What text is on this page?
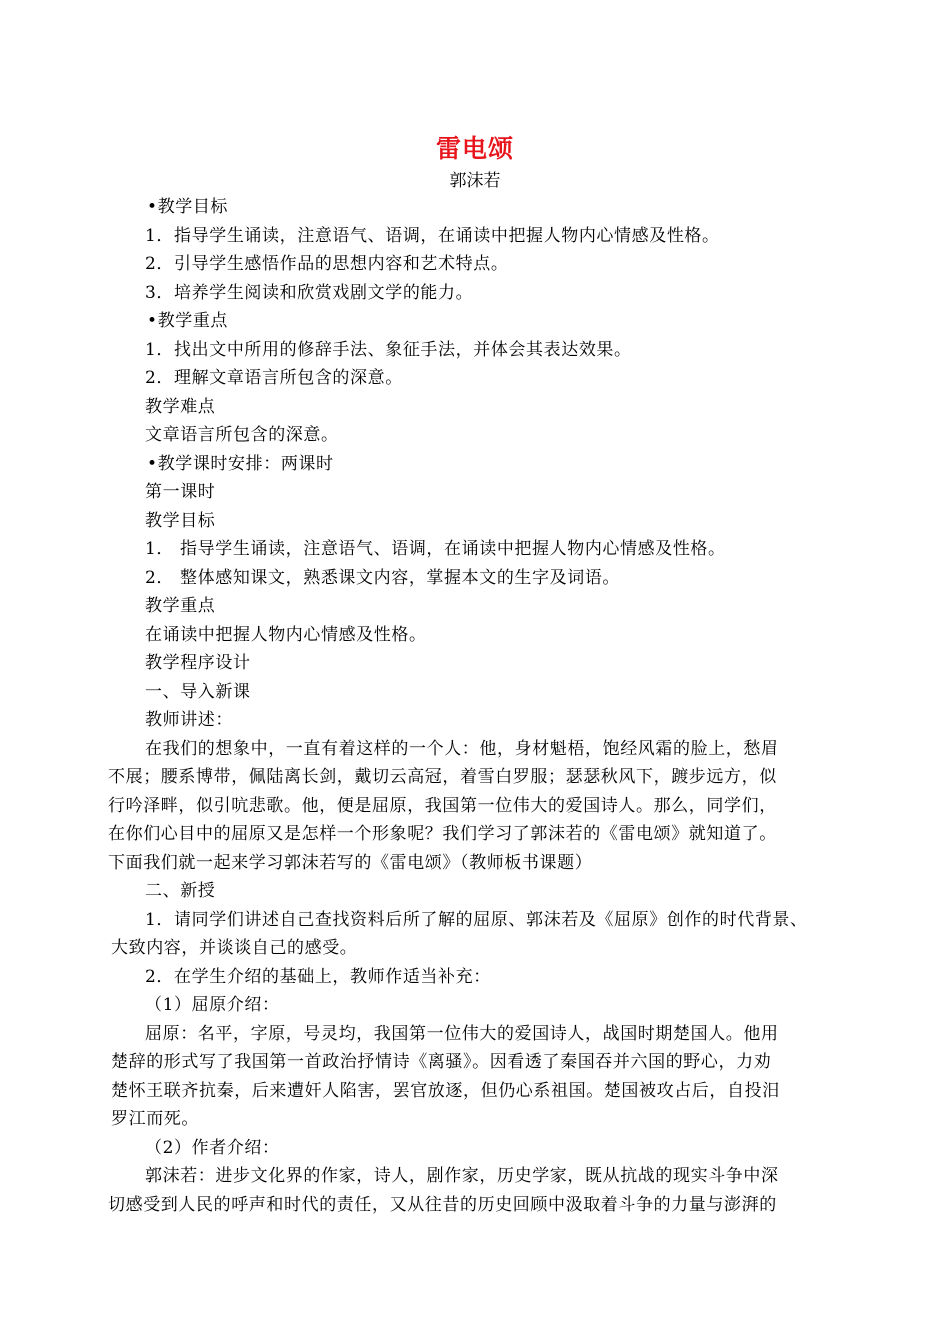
雷电颂
郭沫若
•教学目标
1．指导学生诵读，注意语气、语调，在诵读中把握人物内心情感及性格。
2．引导学生感悟作品的思想内容和艺术特点。
3．培养学生阅读和欣赏戏剧文学的能力。
•教学重点
1．找出文中所用的修辞手法、象征手法，并体会其表达效果。
2．理解文章语言所包含的深意。
教学难点
文章语言所包含的深意。
•教学课时安排：两课时
第一课时
教学目标
1． 指导学生诵读，注意语气、语调，在诵读中把握人物内心情感及性格。
2． 整体感知课文，熟悉课文内容，掌握本文的生字及词语。
教学重点
在诵读中把握人物内心情感及性格。
教学程序设计
一、导入新课
教师讲述：
在我们的想象中，一直有着这样的一个人：他，身材魁梧，饱经风霜的脸上，愁眉
不展；腰系博带，佩陆离长剑，戴切云高冠，着雪白罗服；瑟瑟秋风下，踱步远方，似
行吟泽畔，似引吭悲歌。他，便是屈原，我国第一位伟大的爱国诗人。那么，同学们，
在你们心目中的屈原又是怎样一个形象呢？我们学习了郭沫若的《雷电颂》就知道了。
下面我们就一起来学习郭沫若写的《雷电颂》（教师板书课题）
二、新授
1．请同学们讲述自己查找资料后所了解的屈原、郭沫若及《屈原》创作的时代背景、
大致内容，并谈谈自己的感受。
2．在学生介绍的基础上，教师作适当补充：
（1）屈原介绍：
屈原：名平，字原，号灵均，我国第一位伟大的爱国诗人，战国时期楚国人。他用
楚辞的形式写了我国第一首政治抒情诗《离骚》。因看透了秦国吞并六国的野心，力劝
楚怀王联齐抗秦，后来遭奸人陷害，罢官放逐，但仍心系祖国。楚国被攻占后，自投汨
罗江而死。
（2）作者介绍：
郭沫若：进步文化界的作家，诗人，剧作家，历史学家，既从抗战的现实斗争中深
切感受到人民的呼声和时代的责任，又从往昔的历史回顾中汲取着斗争的力量与澎湃的
